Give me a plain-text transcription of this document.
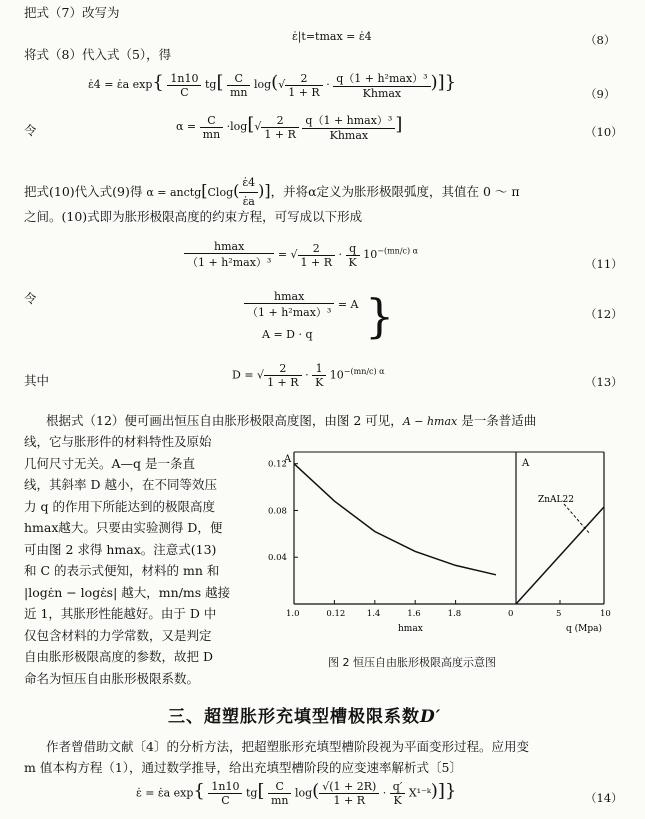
把式（7）改写为
ε̇|t=tmax = ε̇4	（8）
将式（8）代入式（5），得
ε̇4 = ε̇a $\exp\{ \frac{1n10}{C} tg[ \frac{C}{mn} \log(√ \frac{2}{1 + R} \cdot \frac{\text{q（1 + h²max）³}}{Khmax}$ )]}
（9）
令	$\alpha = \frac{C}{mn} \cdot\log[√ \frac{2}{1 + R}$
$\frac{\text{q（1 + hmax）³}}{Khmax}$ ]	（10）
把式(10)代入式(9)得 α = anctg[Clog( $\frac{\varepsiloṅ4}{\varepsiloṅa}$ )]，并将α定义为胀形极限弧度，其值在 0 ～ π
之间。(10)式即为胀形极限高度的约束方程，可写成以下形成
$\frac{hmax}{\text{（1 + h²max）³}}$ = √ $\frac{2}{1 + R} \cdot \frac{q}{K} 10^{-(mn/c) \alpha}$
（11）
令	$\frac{hmax}{\text{（1 + h²max）³}} = A$
A = D · q }	（12）
其中	D = √ $\frac{2}{1 + R} \cdot \frac{1}{K} 10^{-(mn/c) \alpha}$
（13）
根据式（12）便可画出恒压自由胀形极限高度图，由图 2 可见，A − hmax 是一条普适曲
线，它与胀形件的材料特性及原始
几何尺寸无关。A—q 是一条直
线，其斜率 D 越小，在不同等效压
力 q 的作用下所能达到的极限高度
hmax越大。只要由实验测得 D，便
可由图 2 求得 hmax。注意式(13)
和 C 的表示式便知，材料的 mn 和
|logε̇n − logε̇s| 越大，mn/ms 越接
近 1，其胀形性能越好。由于 D 中
仅包含材料的力学常数，又是判定
自由胀形极限高度的参数，故把 D
命名为恒压自由胀形极限系数。
0.12
0.08
0.04
1.0	0.12	1.4	1.6	1.8	0	5	10
ZnAL22
A	A
hmax	q (Mpa)
图 2 恒压自由胀形极限高度示意图
三、超塑胀形充填型槽极限系数D′
作者曾借助文献〔4〕的分析方法，把超塑胀形充填型槽阶段视为平面变形过程。应用变
m 值本构方程（1），通过数学推导，给出充填型槽阶段的应变速率解析式〔5〕
ε̇ = ε̇a $\exp\{ \frac{1n10}{C} tg[ \frac{C}{mn} \log( \frac{√(1 + 2R)}{1 + R} \cdot \frac{q'}{K}$ X¹⁻ᵏ)]}	（14）
